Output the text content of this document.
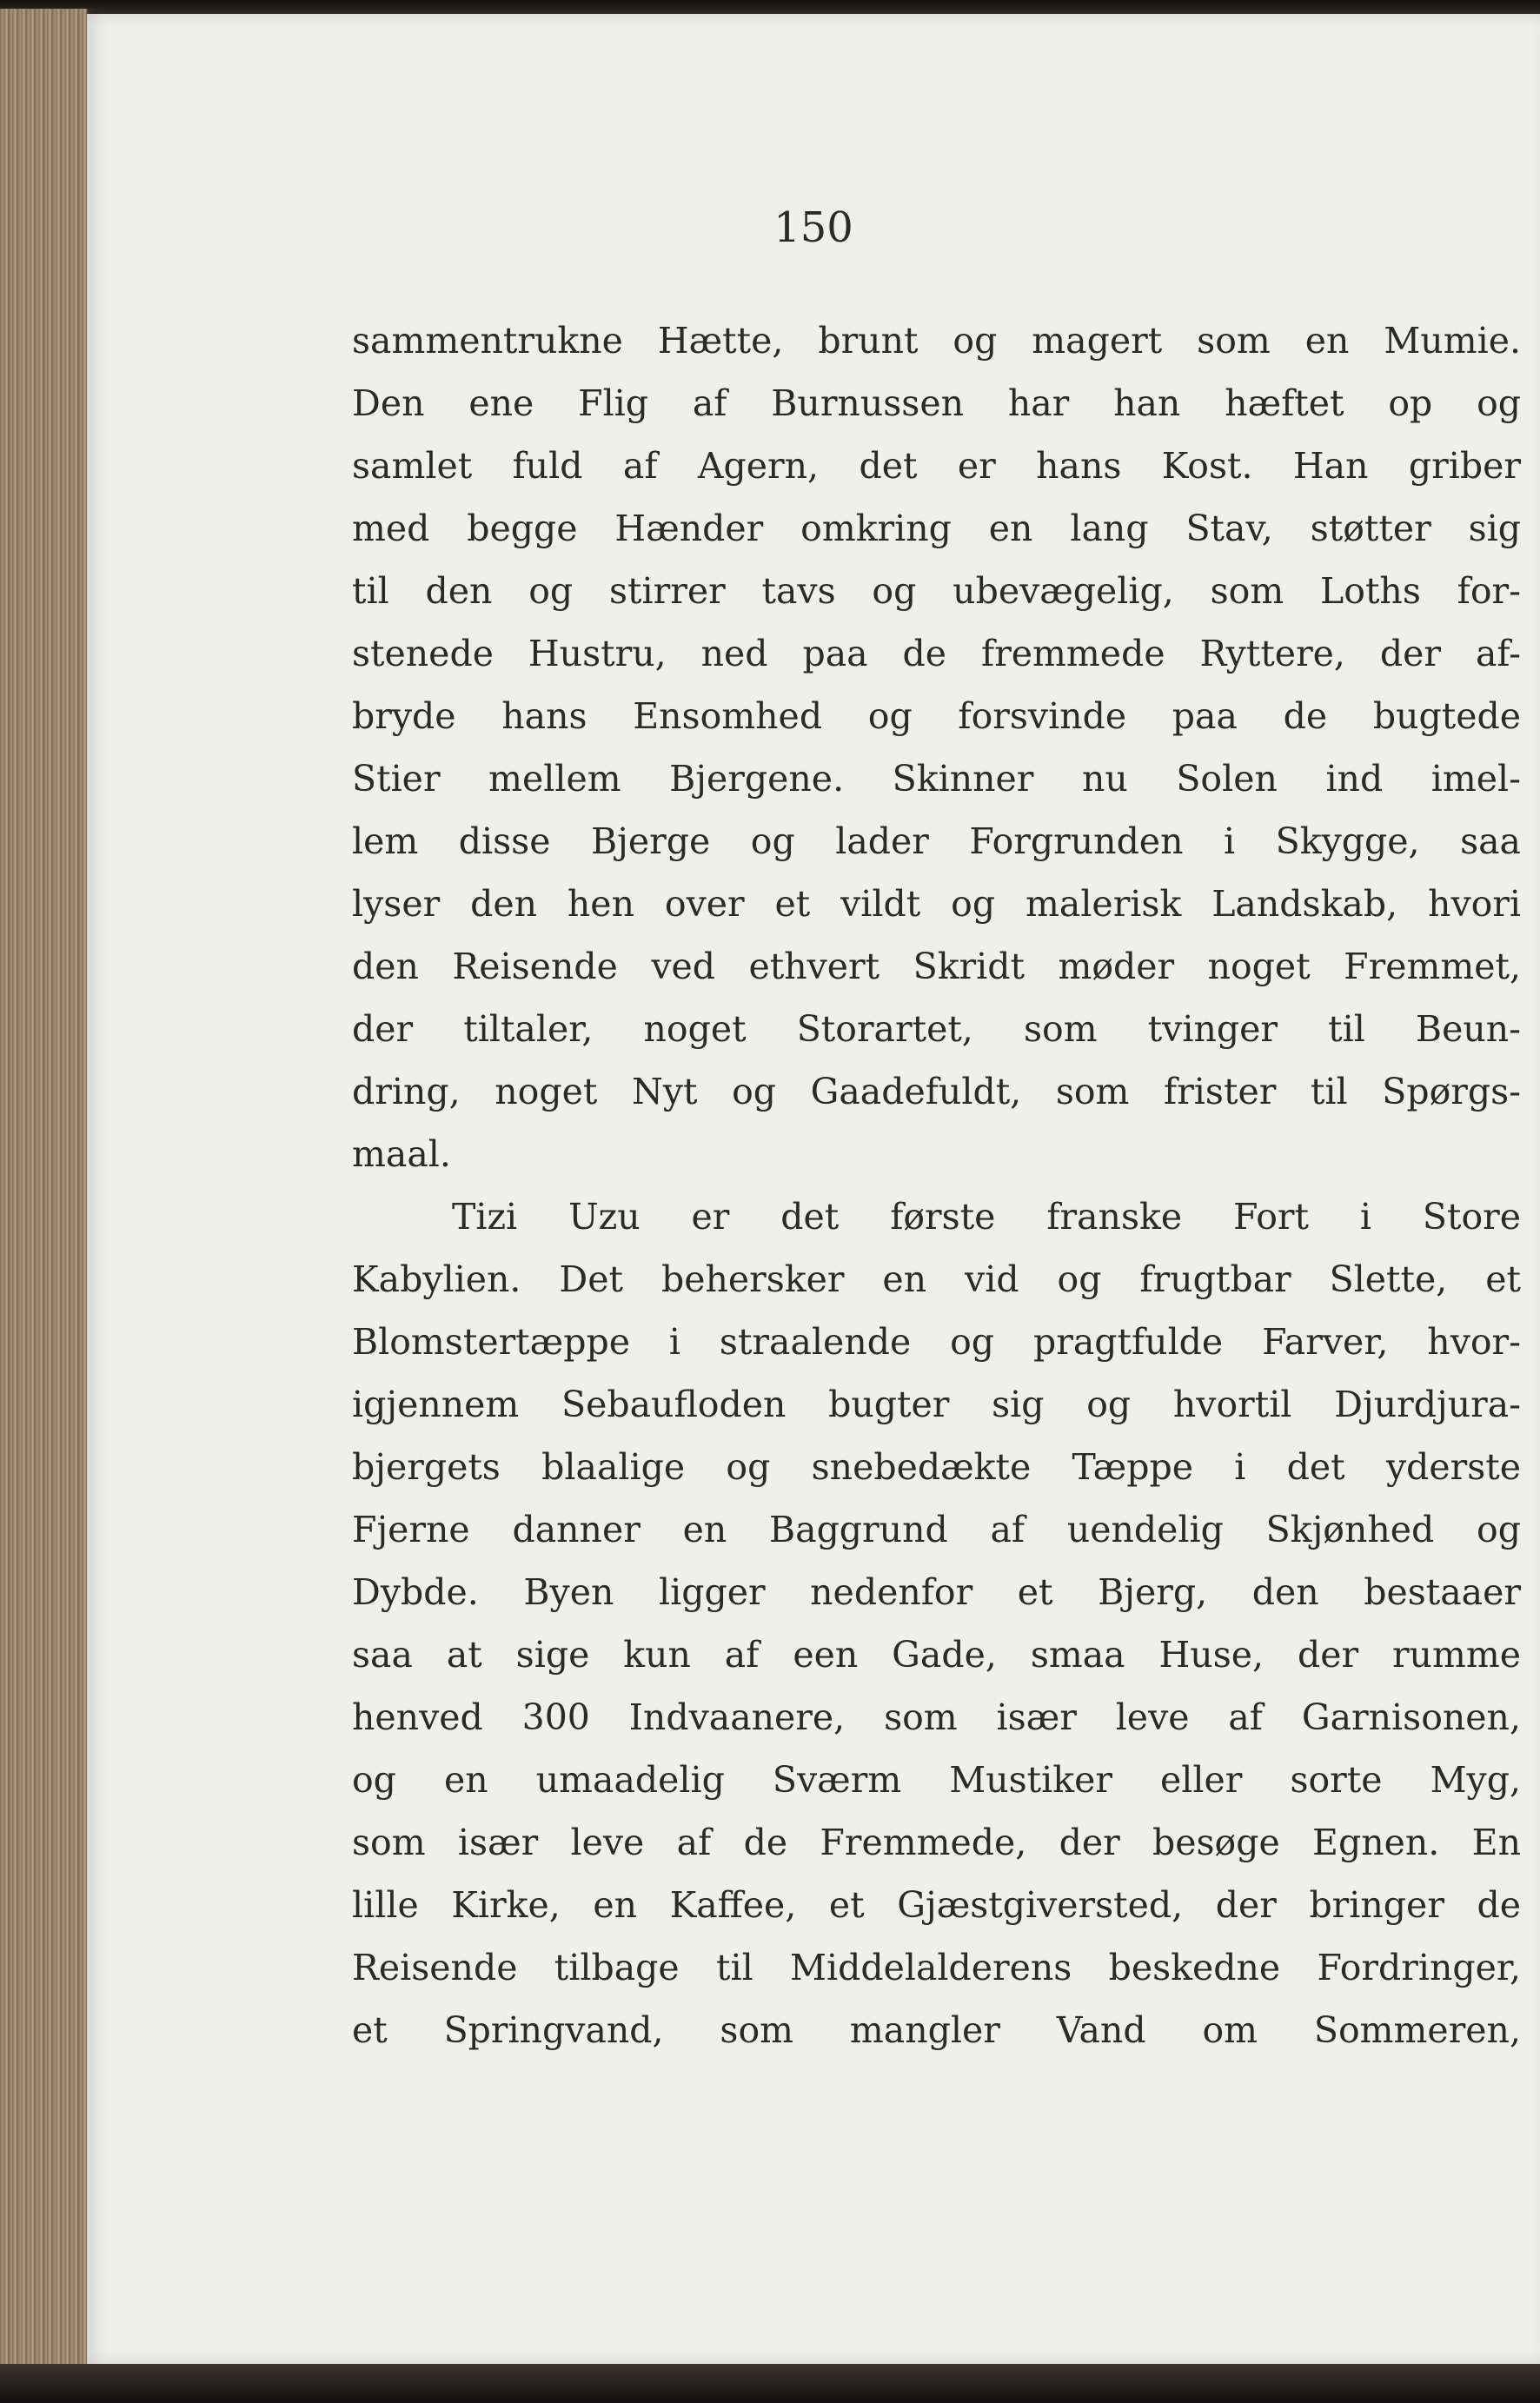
150

sammentrukne Hætte, brunt og magert som en Mumie.
Den ene Flig af Burnussen har han hæftet op og
samlet fuld af Agern, det er hans Kost. Han griber
med begge Hænder omkring en lang Stav, støtter sig
til den og stirrer tavs og ubevægelig, som Loths for-
stenede Hustru, ned paa de fremmede Ryttere, der af-
bryde hans Ensomhed og forsvinde paa de bugtede
Stier mellem Bjergene. Skinner nu Solen ind imel-
lem disse Bjerge og lader Forgrunden i Skygge, saa
lyser den hen over et vildt og malerisk Landskab, hvori
den Reisende ved ethvert Skridt møder noget Fremmet,
der tiltaler, noget Storartet, som tvinger til Beun-
dring, noget Nyt og Gaadefuldt, som frister til Spørgs-
maal.
Tizi Uzu er det første franske Fort i Store
Kabylien. Det behersker en vid og frugtbar Slette, et
Blomstertæppe i straalende og pragtfulde Farver, hvor-
igjennem Sebaufloden bugter sig og hvortil Djurdjura-
bjergets blaalige og snebedækte Tæppe i det yderste
Fjerne danner en Baggrund af uendelig Skjønhed og
Dybde. Byen ligger nedenfor et Bjerg, den bestaaer
saa at sige kun af een Gade, smaa Huse, der rumme
henved 300 Indvaanere, som især leve af Garnisonen,
og en umaadelig Sværm Mustiker eller sorte Myg,
som især leve af de Fremmede, der besøge Egnen. En
lille Kirke, en Kaffee, et Gjæstgiversted, der bringer de
Reisende tilbage til Middelalderens beskedne Fordringer,
et Springvand, som mangler Vand om Sommeren,
